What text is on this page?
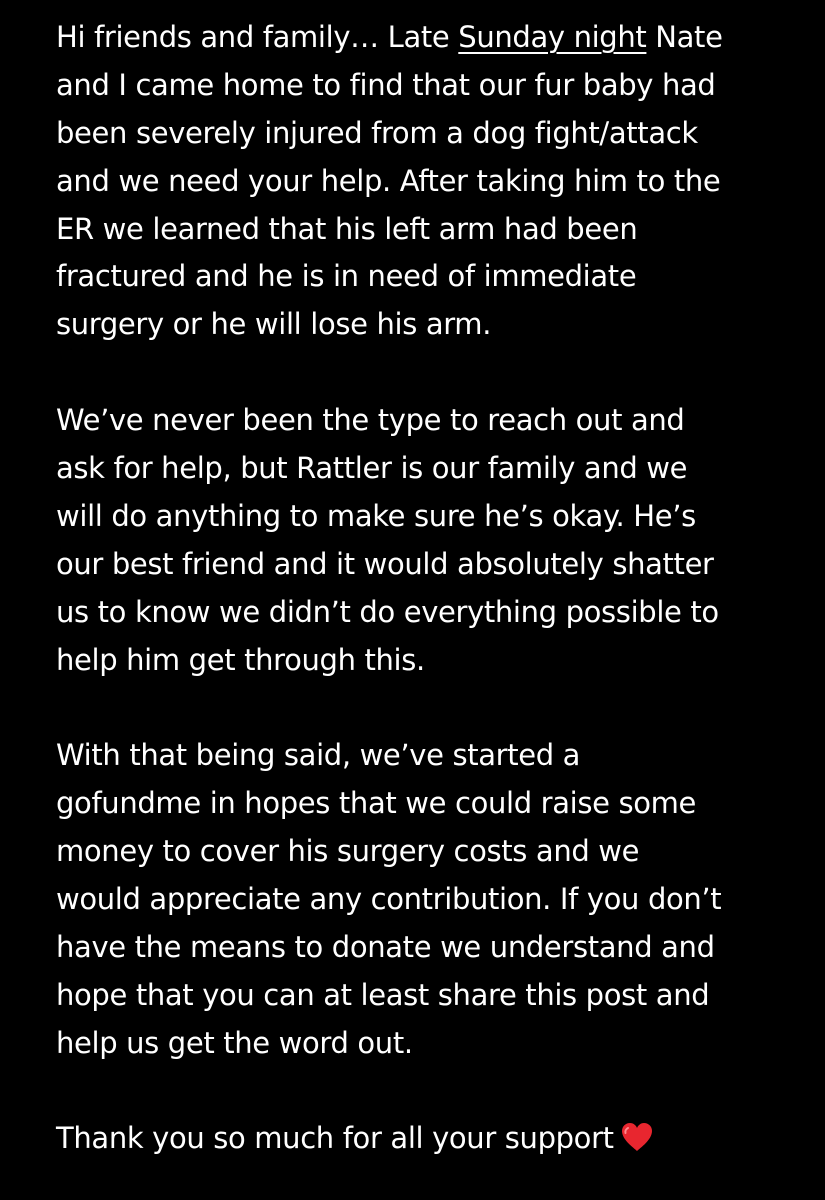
Hi friends and family… Late Sunday night Nate
and I came home to find that our fur baby had
been severely injured from a dog fight/attack
and we need your help. After taking him to the
ER we learned that his left arm had been
fractured and he is in need of immediate
surgery or he will lose his arm.
We’ve never been the type to reach out and
ask for help, but Rattler is our family and we
will do anything to make sure he’s okay. He’s
our best friend and it would absolutely shatter
us to know we didn’t do everything possible to
help him get through this.
With that being said, we’ve started a
gofundme in hopes that we could raise some
money to cover his surgery costs and we
would appreciate any contribution. If you don’t
have the means to donate we understand and
hope that you can at least share this post and
help us get the word out.
Thank you so much for all your support
